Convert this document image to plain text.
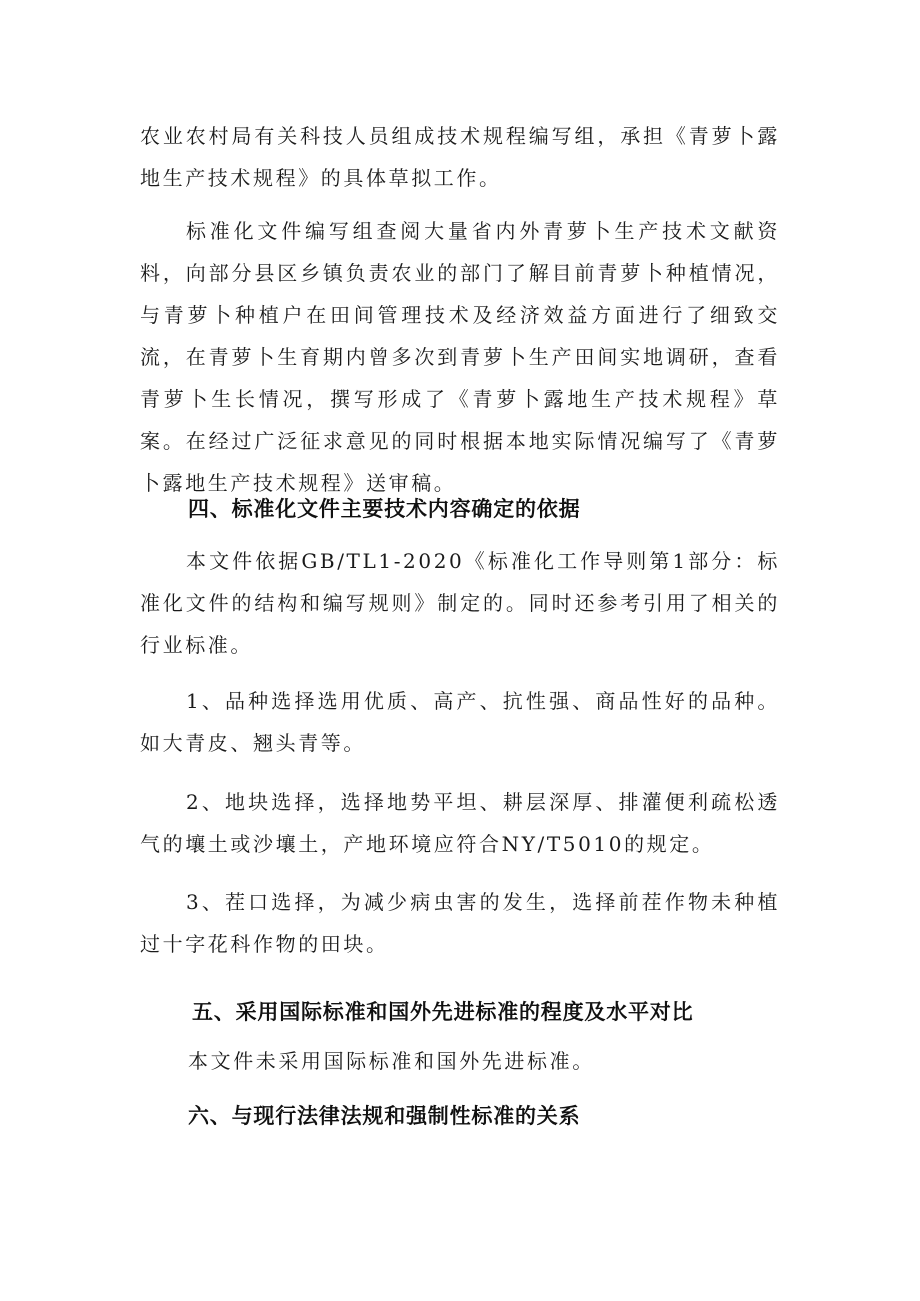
农业农村局有关科技人员组成技术规程编写组，承担《青萝卜露地生产技术规程》的具体草拟工作。

标准化文件编写组查阅大量省内外青萝卜生产技术文献资料，向部分县区乡镇负责农业的部门了解目前青萝卜种植情况，与青萝卜种植户在田间管理技术及经济效益方面进行了细致交流，在青萝卜生育期内曾多次到青萝卜生产田间实地调研，查看青萝卜生长情况，撰写形成了《青萝卜露地生产技术规程》草案。在经过广泛征求意见的同时根据本地实际情况编写了《青萝卜露地生产技术规程》送审稿。

四、标准化文件主要技术内容确定的依据

本文件依据GB/TL1-2020《标准化工作导则第1部分：标准化文件的结构和编写规则》制定的。同时还参考引用了相关的行业标准。

1、品种选择选用优质、高产、抗性强、商品性好的品种。如大青皮、翘头青等。

2、地块选择，选择地势平坦、耕层深厚、排灌便利疏松透气的壤土或沙壤土，产地环境应符合NY/T5010的规定。

3、茬口选择，为减少病虫害的发生，选择前茬作物未种植过十字花科作物的田块。

五、采用国际标准和国外先进标准的程度及水平对比

本文件未采用国际标准和国外先进标准。

六、与现行法律法规和强制性标准的关系
